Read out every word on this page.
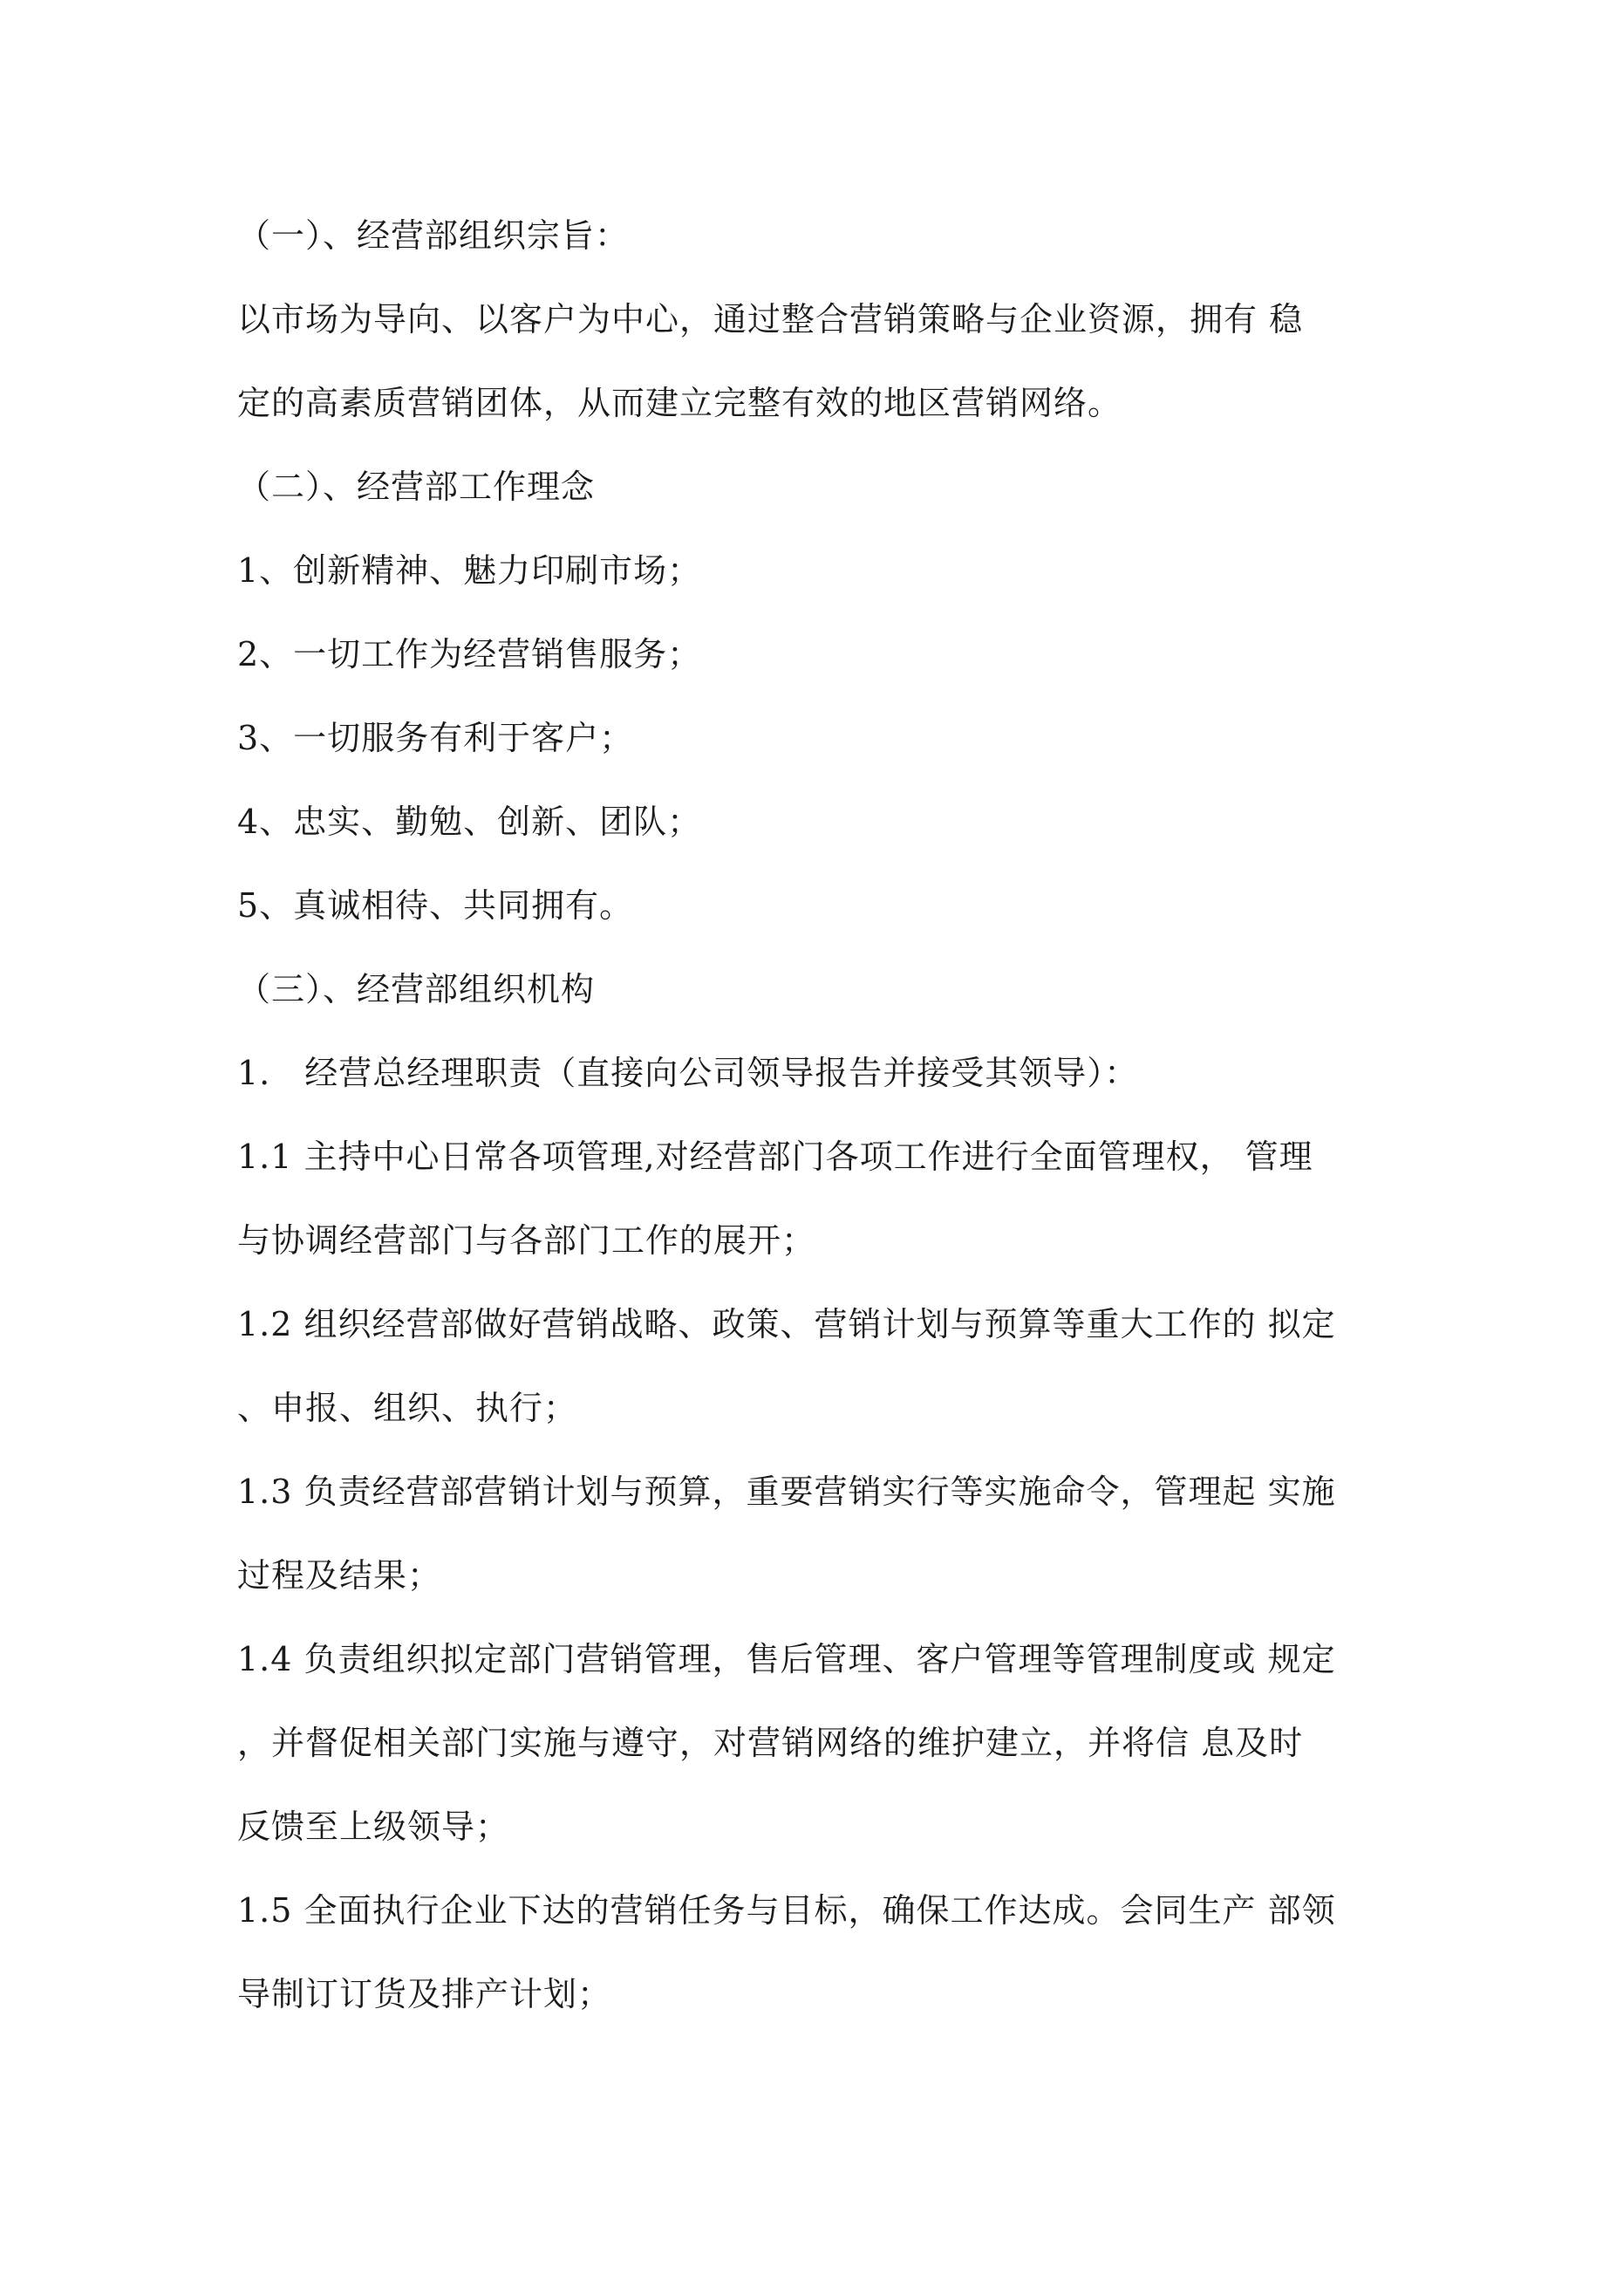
（一）、经营部组织宗旨：
以市场为导向、以客户为中心，通过整合营销策略与企业资源，拥有 稳
定的高素质营销团体，从而建立完整有效的地区营销网络。
（二）、经营部工作理念
1、创新精神、魅力印刷市场；
2、一切工作为经营销售服务；
3、一切服务有利于客户；
4、忠实、勤勉、创新、团队；
5、真诚相待、共同拥有。
（三）、经营部组织机构
1.　经营总经理职责（直接向公司领导报告并接受其领导）：
1.1 主持中心日常各项管理,对经营部门各项工作进行全面管理权， 管理
与协调经营部门与各部门工作的展开；
1.2 组织经营部做好营销战略、政策、营销计划与预算等重大工作的 拟定
、申报、组织、执行；
1.3 负责经营部营销计划与预算，重要营销实行等实施命令，管理起 实施
过程及结果；
1.4 负责组织拟定部门营销管理，售后管理、客户管理等管理制度或 规定
，并督促相关部门实施与遵守，对营销网络的维护建立，并将信 息及时
反馈至上级领导；
1.5 全面执行企业下达的营销任务与目标，确保工作达成。会同生产 部领
导制订订货及排产计划；
